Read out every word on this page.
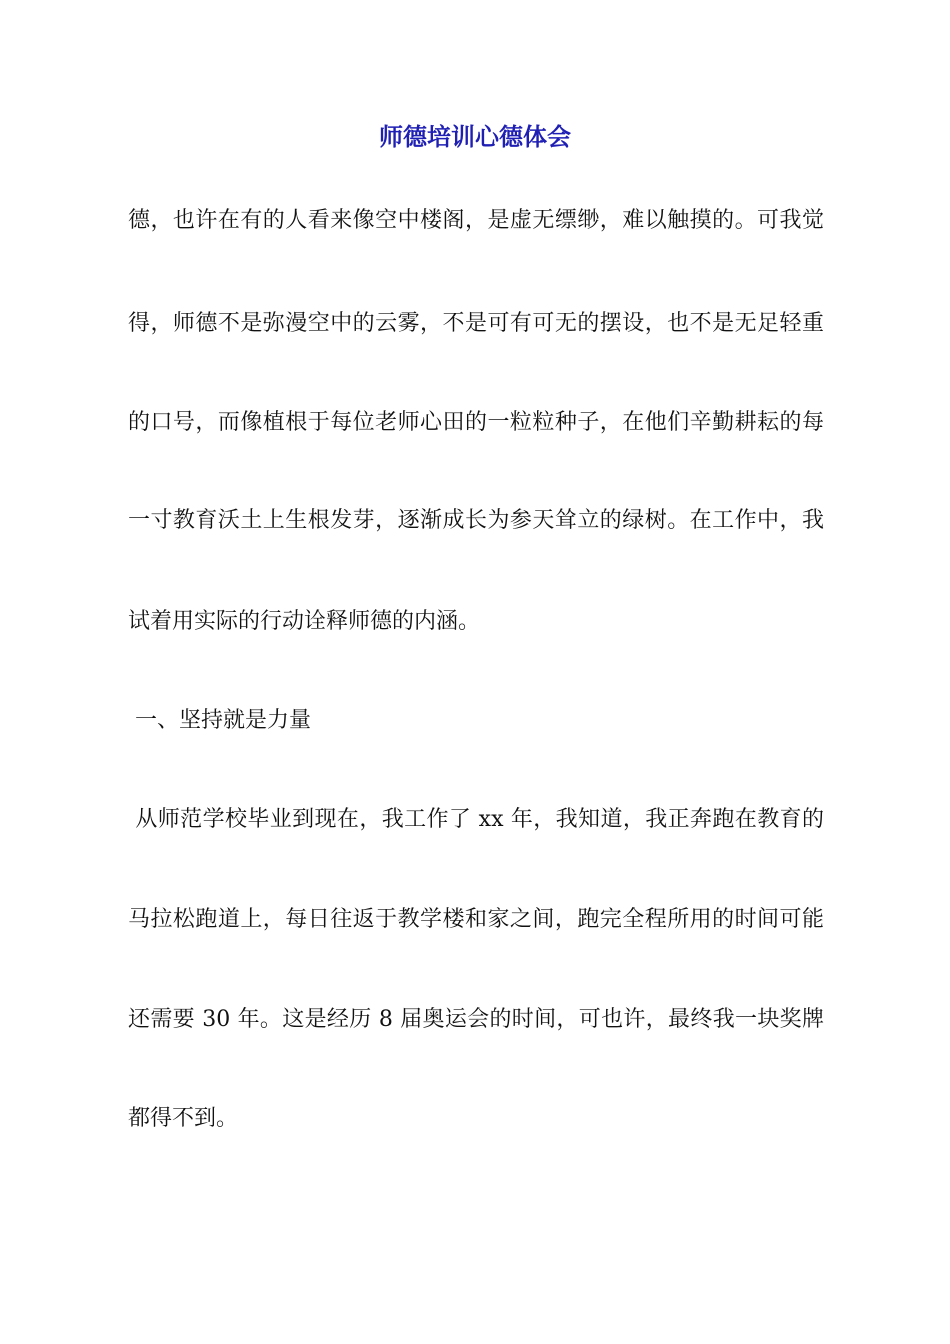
师德培训心德体会

德，也许在有的人看来像空中楼阁，是虚无缥缈，难以触摸的。可我觉

得，师德不是弥漫空中的云雾，不是可有可无的摆设，也不是无足轻重

的口号，而像植根于每位老师心田的一粒粒种子，在他们辛勤耕耘的每

一寸教育沃土上生根发芽，逐渐成长为参天耸立的绿树。在工作中，我

试着用实际的行动诠释师德的内涵。

一、坚持就是力量

从师范学校毕业到现在，我工作了 xx 年，我知道，我正奔跑在教育的

马拉松跑道上，每日往返于教学楼和家之间，跑完全程所用的时间可能

还需要 30 年。这是经历 8 届奥运会的时间，可也许，最终我一块奖牌

都得不到。
